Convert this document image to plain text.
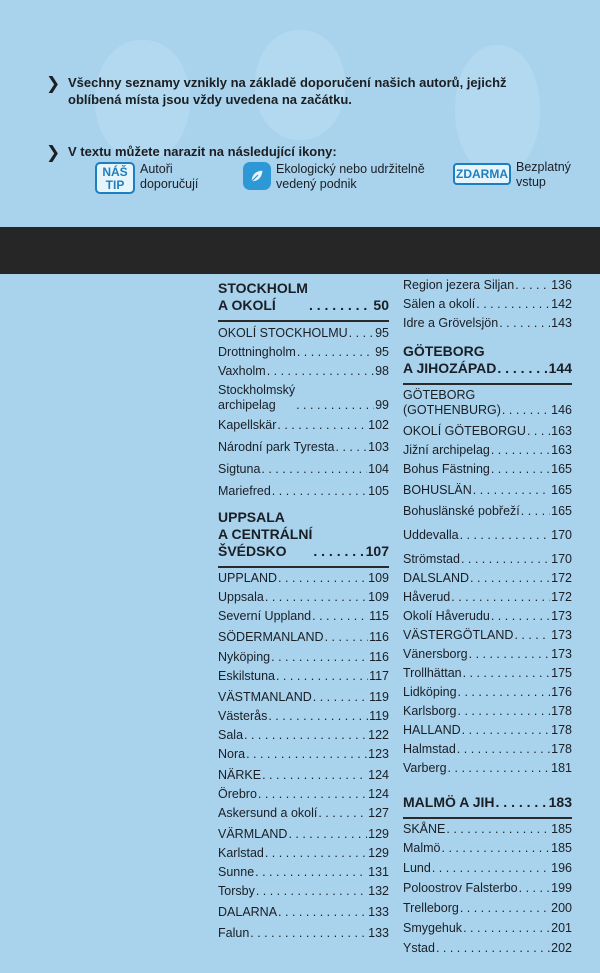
❯ Všechny seznamy vznikly na základě doporučení našich autorů, jejichž oblíbená místa jsou vždy uvedena na začátku.
❯ V textu můžete narazit na následující ikony:
NÁŠ TIP
Autoři doporučují
Ekologický nebo udržitelně vedený podnik
ZDARMA Bezplatný vstup
STOCKHOLM
A OKOLÍ . . .	50
OKOLÍ STOCKHOLMU . . . 95
Drottningholm . . .	95
Vaxholm . . .	98
Stockholmský
archipelag . . .	99
Kapellskär . . .	102
Národní park Tyresta . . .	103
Sigtuna . . .	104
Mariefred . . .	105
UPPSALA
A CENTRÁLNÍ
ŠVÉDSKO . . .	107
UPPLAND . . .	109
Uppsala . . .	109
Severní Uppland . . .	115
SÖDERMANLAND . . .	116
Nyköping . . .	116
Eskilstuna . . .	117
VÄSTMANLAND . . .	119
Västerås . . .	119
Sala . . .	122
Nora . . .	123
NÄRKE . . .	124
Örebro . . .	124
Askersund a okolí . . .	127
VÄRMLAND . . .	129
Karlstad . . .	129
Sunne . . .	131
Torsby . . .	132
DALARNA . . .	133
Falun . . .	133
Region jezera Siljan . . .	136
Sälen a okolí . . .	142
Idre a Grövelsjön . . .	143
GÖTEBORG
A JIHOZÁPAD . . .	144
GÖTEBORG
(GOTHENBURG) . . .	146
OKOLÍ GÖTEBORGU . . . 163
Jižní archipelag . . .	163
Bohus Fästning . . .	165
BOHUSLÄN . . .	165
Bohuslänské pobřeží . . .	165
Uddevalla . . .	170
Strömstad . . .	170
DALSLAND . . .	172
Håverud . . .	172
Okolí Håverudu . . .	173
VÄSTERGÖTLAND . . .	173
Vänersborg . . .	173
Trollhättan . . .	175
Lidköping . . .	176
Karlsborg . . .	178
HALLAND . . .	178
Halmstad . . .	178
Varberg . . .	181
MALMÖ A JIH . . .	183
SKÅNE . . .	185
Malmö . . .	185
Lund . . .	196
Poloostrov Falsterbo . . .	199
Trelleborg . . .	200
Smygehuk . . .	201
Ystad . . .	202
